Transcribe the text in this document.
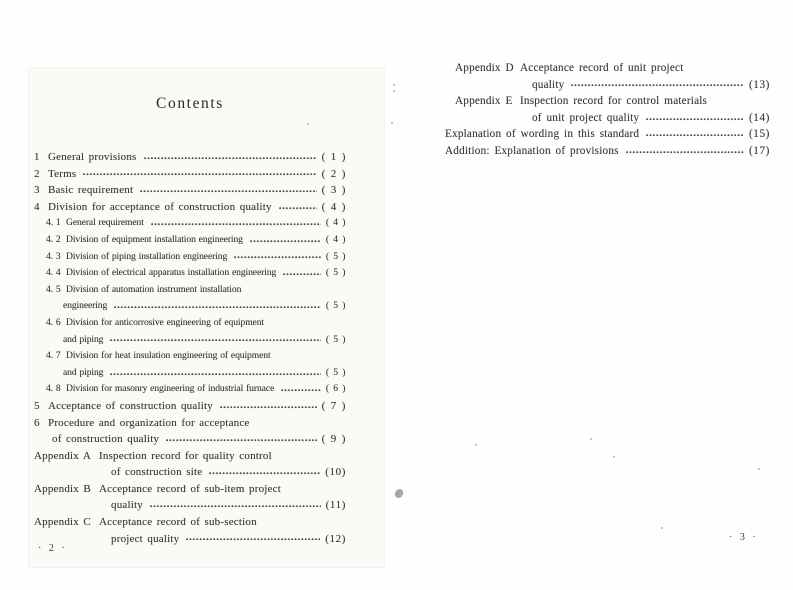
Contents
1 General provisions	( 1 )
2 Terms	( 2 )
3 Basic requirement	( 3 )
4 Division for acceptance of construction quality	( 4 )
4. 1 General requirement	( 4 )
4. 2 Division of equipment installation engineering	( 4 )
4. 3 Division of piping installation engineering	( 5 )
4. 4 Division of electrical apparatus installation engineering	( 5 )
4. 5 Division of automation instrument installation
engineering	( 5 )
4. 6 Division for anticorrosive engineering of equipment
and piping	( 5 )
4. 7 Division for heat insulation engineering of equipment
and piping	( 5 )
4. 8 Division for masonry engineering of industrial furnace	( 6 )
5 Acceptance of construction quality	( 7 )
6 Procedure and organization for acceptance
of construction quality	( 9 )
Appendix A Inspection record for quality control
of construction site	(10)
Appendix B Acceptance record of sub-item project
quality	(11)
Appendix C Acceptance record of sub-section
project quality	(12)
Appendix D Acceptance record of unit project
quality	(13)
Appendix E Inspection record for control materials
of unit project quality	(14)
Explanation of wording in this standard	(15)
Addition: Explanation of provisions	(17)
· 2 ·
· 3 ·
